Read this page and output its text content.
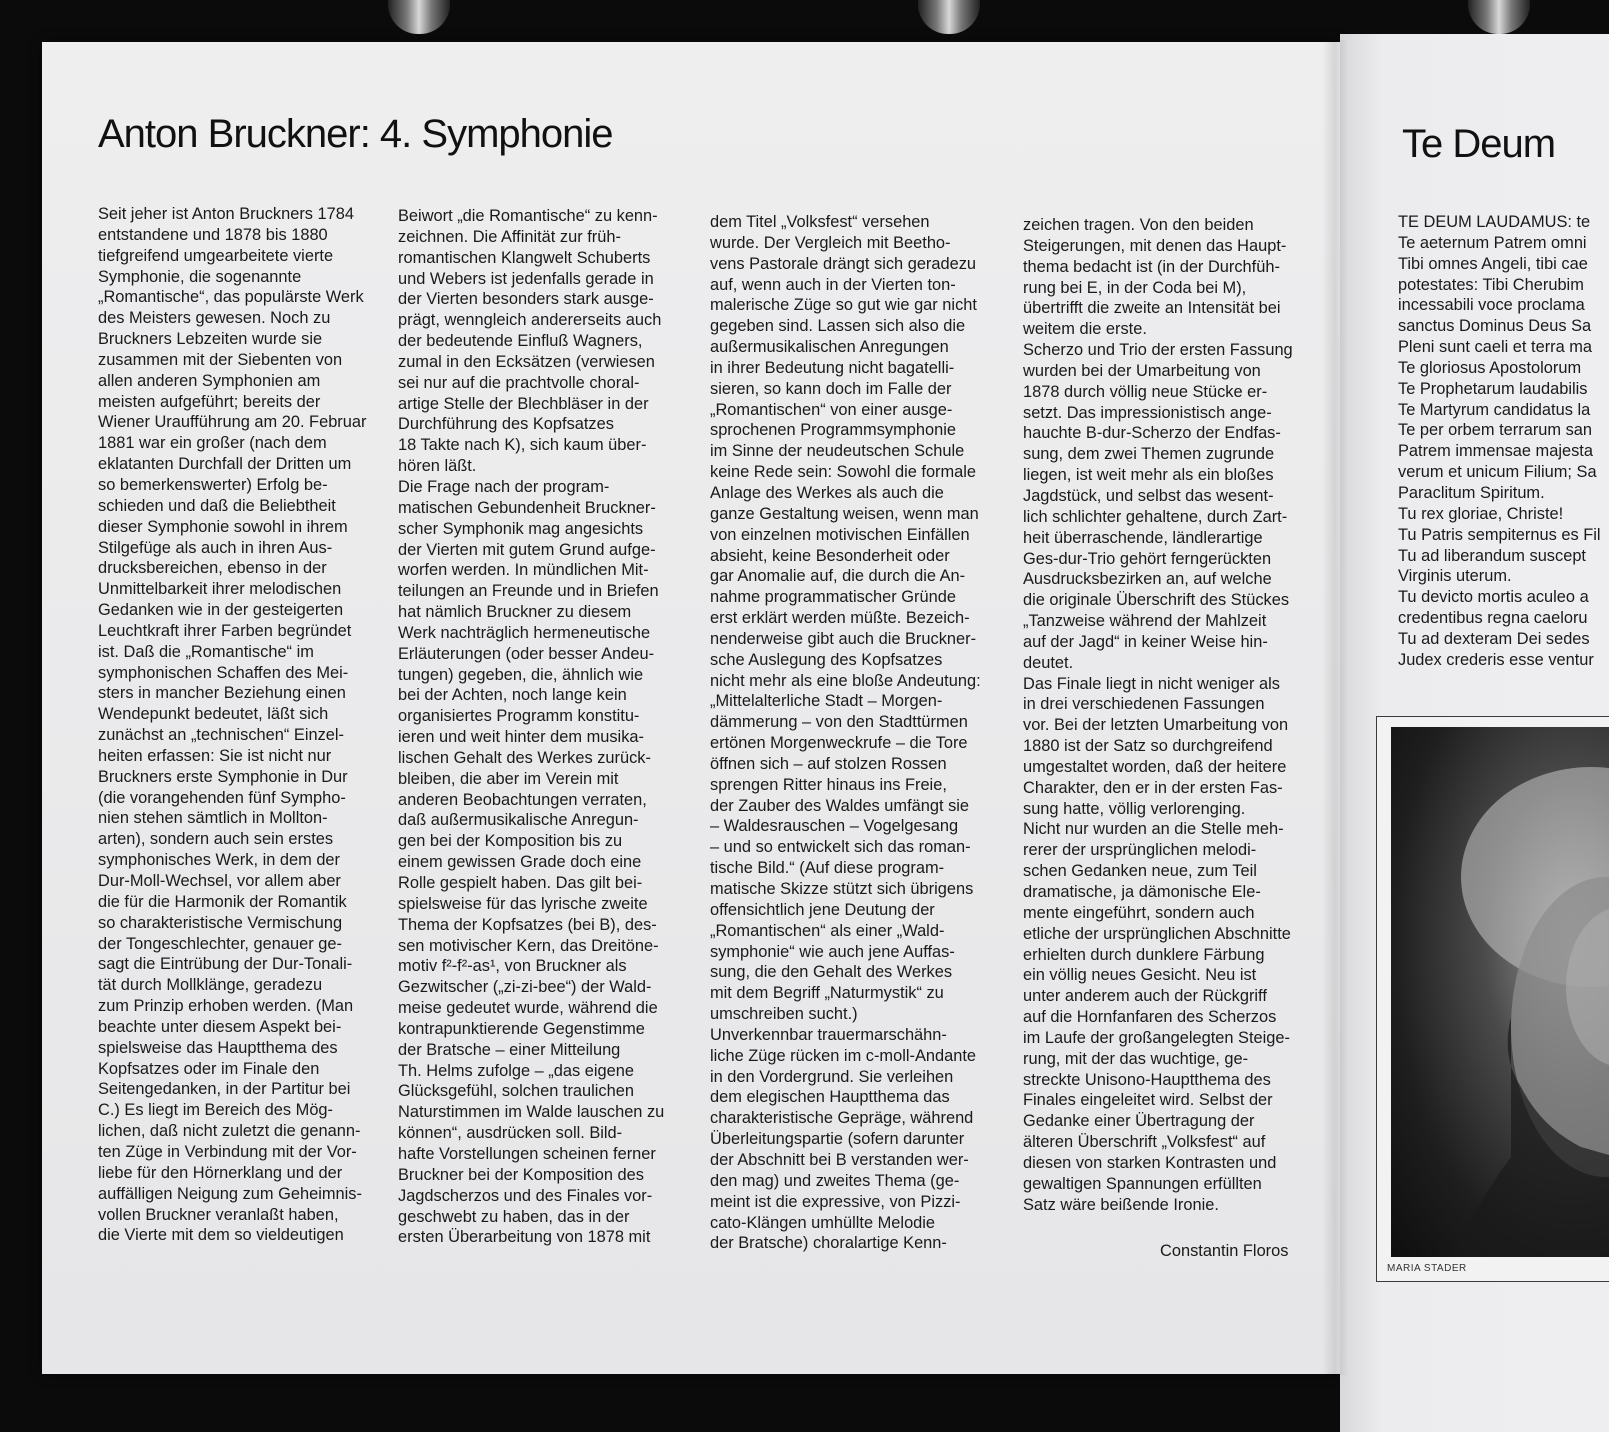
Anton Bruckner: 4. Symphonie
Seit jeher ist Anton Bruckners 1784
entstandene und 1878 bis 1880
tiefgreifend umgearbeitete vierte
Symphonie, die sogenannte
„Romantische“, das populärste Werk
des Meisters gewesen. Noch zu
Bruckners Lebzeiten wurde sie
zusammen mit der Siebenten von
allen anderen Symphonien am
meisten aufgeführt; bereits der
Wiener Uraufführung am 20. Februar
1881 war ein großer (nach dem
eklatanten Durchfall der Dritten um
so bemerkenswerter) Erfolg be-
schieden und daß die Beliebtheit
dieser Symphonie sowohl in ihrem
Stilgefüge als auch in ihren Aus-
drucksbereichen, ebenso in der
Unmittelbarkeit ihrer melodischen
Gedanken wie in der gesteigerten
Leuchtkraft ihrer Farben begründet
ist. Daß die „Romantische“ im
symphonischen Schaffen des Mei-
sters in mancher Beziehung einen
Wendepunkt bedeutet, läßt sich
zunächst an „technischen“ Einzel-
heiten erfassen: Sie ist nicht nur
Bruckners erste Symphonie in Dur
(die vorangehenden fünf Sympho-
nien stehen sämtlich in Mollton-
arten), sondern auch sein erstes
symphonisches Werk, in dem der
Dur-Moll-Wechsel, vor allem aber
die für die Harmonik der Romantik
so charakteristische Vermischung
der Tongeschlechter, genauer ge-
sagt die Eintrübung der Dur-Tonali-
tät durch Mollklänge, geradezu
zum Prinzip erhoben werden. (Man
beachte unter diesem Aspekt bei-
spielsweise das Hauptthema des
Kopfsatzes oder im Finale den
Seitengedanken, in der Partitur bei
C.) Es liegt im Bereich des Mög-
lichen, daß nicht zuletzt die genann-
ten Züge in Verbindung mit der Vor-
liebe für den Hörnerklang und der
auffälligen Neigung zum Geheimnis-
vollen Bruckner veranlaßt haben,
die Vierte mit dem so vieldeutigen
Beiwort „die Romantische“ zu kenn-
zeichnen. Die Affinität zur früh-
romantischen Klangwelt Schuberts
und Webers ist jedenfalls gerade in
der Vierten besonders stark ausge-
prägt, wenngleich andererseits auch
der bedeutende Einfluß Wagners,
zumal in den Ecksätzen (verwiesen
sei nur auf die prachtvolle choral-
artige Stelle der Blechbläser in der
Durchführung des Kopfsatzes
18 Takte nach K), sich kaum über-
hören läßt.
Die Frage nach der program-
matischen Gebundenheit Bruckner-
scher Symphonik mag angesichts
der Vierten mit gutem Grund aufge-
worfen werden. In mündlichen Mit-
teilungen an Freunde und in Briefen
hat nämlich Bruckner zu diesem
Werk nachträglich hermeneutische
Erläuterungen (oder besser Andeu-
tungen) gegeben, die, ähnlich wie
bei der Achten, noch lange kein
organisiertes Programm konstitu-
ieren und weit hinter dem musika-
lischen Gehalt des Werkes zurück-
bleiben, die aber im Verein mit
anderen Beobachtungen verraten,
daß außermusikalische Anregun-
gen bei der Komposition bis zu
einem gewissen Grade doch eine
Rolle gespielt haben. Das gilt bei-
spielsweise für das lyrische zweite
Thema der Kopfsatzes (bei B), des-
sen motivischer Kern, das Dreitöne-
motiv f²-f²-as¹, von Bruckner als
Gezwitscher („zi-zi-bee“) der Wald-
meise gedeutet wurde, während die
kontrapunktierende Gegenstimme
der Bratsche – einer Mitteilung
Th. Helms zufolge – „das eigene
Glücksgefühl, solchen traulichen
Naturstimmen im Walde lauschen zu
können“, ausdrücken soll. Bild-
hafte Vorstellungen scheinen ferner
Bruckner bei der Komposition des
Jagdscherzos und des Finales vor-
geschwebt zu haben, das in der
ersten Überarbeitung von 1878 mit
dem Titel „Volksfest“ versehen
wurde. Der Vergleich mit Beetho-
vens Pastorale drängt sich geradezu
auf, wenn auch in der Vierten ton-
malerische Züge so gut wie gar nicht
gegeben sind. Lassen sich also die
außermusikalischen Anregungen
in ihrer Bedeutung nicht bagatelli-
sieren, so kann doch im Falle der
„Romantischen“ von einer ausge-
sprochenen Programmsymphonie
im Sinne der neudeutschen Schule
keine Rede sein: Sowohl die formale
Anlage des Werkes als auch die
ganze Gestaltung weisen, wenn man
von einzelnen motivischen Einfällen
absieht, keine Besonderheit oder
gar Anomalie auf, die durch die An-
nahme programmatischer Gründe
erst erklärt werden müßte. Bezeich-
nenderweise gibt auch die Bruckner-
sche Auslegung des Kopfsatzes
nicht mehr als eine bloße Andeutung:
„Mittelalterliche Stadt – Morgen-
dämmerung – von den Stadttürmen
ertönen Morgenweckrufe – die Tore
öffnen sich – auf stolzen Rossen
sprengen Ritter hinaus ins Freie,
der Zauber des Waldes umfängt sie
– Waldesrauschen – Vogelgesang
– und so entwickelt sich das roman-
tische Bild.“ (Auf diese program-
matische Skizze stützt sich übrigens
offensichtlich jene Deutung der
„Romantischen“ als einer „Wald-
symphonie“ wie auch jene Auffas-
sung, die den Gehalt des Werkes
mit dem Begriff „Naturmystik“ zu
umschreiben sucht.)
Unverkennbar trauermarschähn-
liche Züge rücken im c-moll-Andante
in den Vordergrund. Sie verleihen
dem elegischen Hauptthema das
charakteristische Gepräge, während
Überleitungspartie (sofern darunter
der Abschnitt bei B verstanden wer-
den mag) und zweites Thema (ge-
meint ist die expressive, von Pizzi-
cato-Klängen umhüllte Melodie
der Bratsche) choralartige Kenn-
zeichen tragen. Von den beiden
Steigerungen, mit denen das Haupt-
thema bedacht ist (in der Durchfüh-
rung bei E, in der Coda bei M),
übertrifft die zweite an Intensität bei
weitem die erste.
Scherzo und Trio der ersten Fassung
wurden bei der Umarbeitung von
1878 durch völlig neue Stücke er-
setzt. Das impressionistisch ange-
hauchte B-dur-Scherzo der Endfas-
sung, dem zwei Themen zugrunde
liegen, ist weit mehr als ein bloßes
Jagdstück, und selbst das wesent-
lich schlichter gehaltene, durch Zart-
heit überraschende, ländlerartige
Ges-dur-Trio gehört ferngerückten
Ausdrucksbezirken an, auf welche
die originale Überschrift des Stückes
„Tanzweise während der Mahlzeit
auf der Jagd“ in keiner Weise hin-
deutet.
Das Finale liegt in nicht weniger als
in drei verschiedenen Fassungen
vor. Bei der letzten Umarbeitung von
1880 ist der Satz so durchgreifend
umgestaltet worden, daß der heitere
Charakter, den er in der ersten Fas-
sung hatte, völlig verlorenging.
Nicht nur wurden an die Stelle meh-
rerer der ursprünglichen melodi-
schen Gedanken neue, zum Teil
dramatische, ja dämonische Ele-
mente eingeführt, sondern auch
etliche der ursprünglichen Abschnitte
erhielten durch dunklere Färbung
ein völlig neues Gesicht. Neu ist
unter anderem auch der Rückgriff
auf die Hornfanfaren des Scherzos
im Laufe der großangelegten Steige-
rung, mit der das wuchtige, ge-
streckte Unisono-Hauptthema des
Finales eingeleitet wird. Selbst der
Gedanke einer Übertragung der
älteren Überschrift „Volksfest“ auf
diesen von starken Kontrasten und
gewaltigen Spannungen erfüllten
Satz wäre beißende Ironie.
Constantin Floros
Te Deum
TE DEUM LAUDAMUS: te
Te aeternum Patrem omni
Tibi omnes Angeli, tibi cae
potestates: Tibi Cherubim
incessabili voce proclama
sanctus Dominus Deus Sa
Pleni sunt caeli et terra ma
Te gloriosus Apostolorum
Te Prophetarum laudabilis
Te Martyrum candidatus la
Te per orbem terrarum san
Patrem immensae majesta
verum et unicum Filium; Sa
Paraclitum Spiritum.
Tu rex gloriae, Christe!
Tu Patris sempiternus es Fil
Tu ad liberandum suscept
Virginis uterum.
Tu devicto mortis aculeo a
credentibus regna caeloru
Tu ad dexteram Dei sedes
Judex crederis esse ventur
MARIA STADER
